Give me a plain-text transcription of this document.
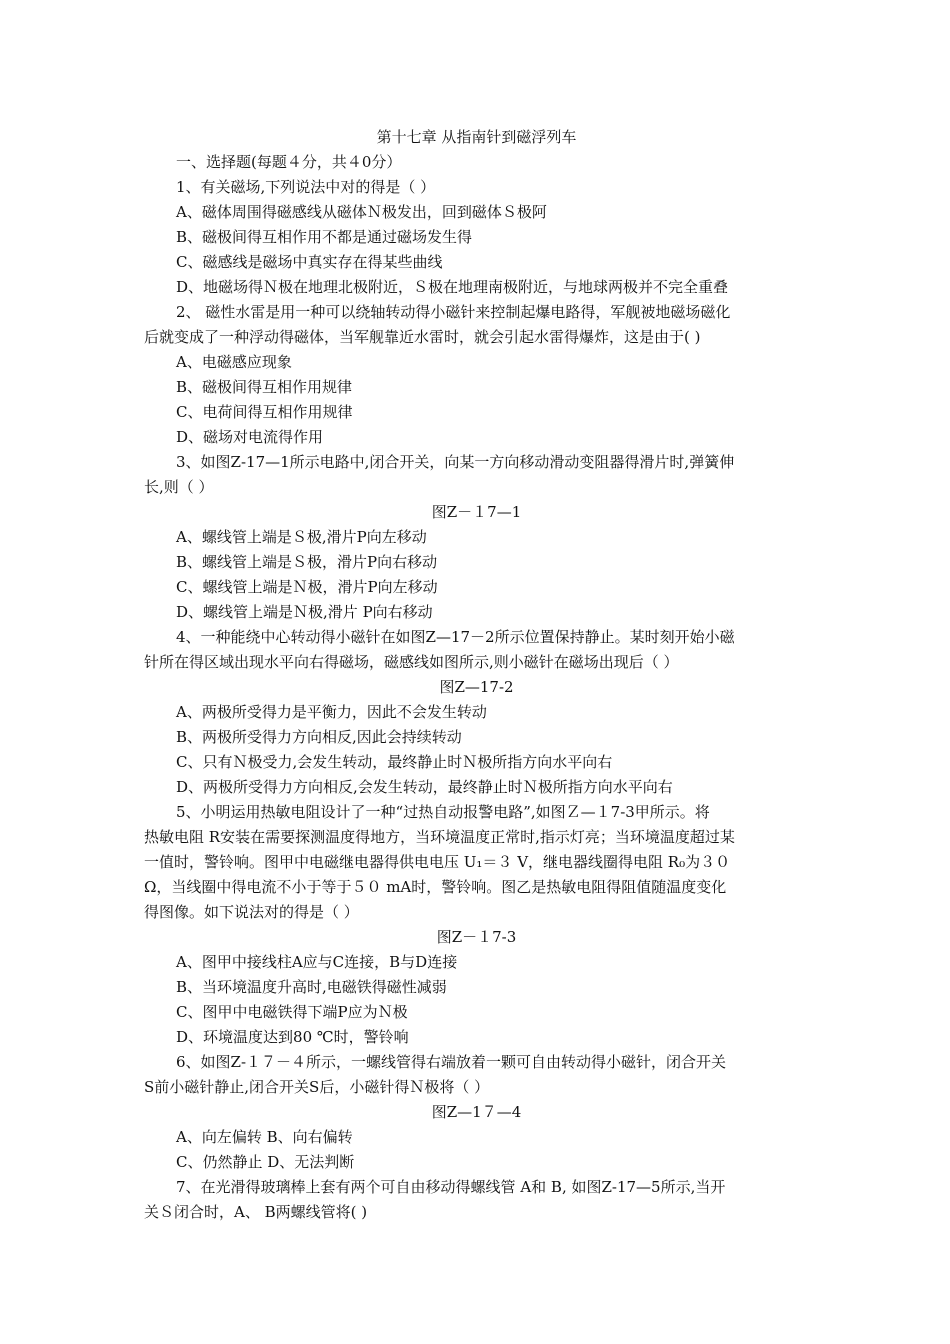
第十七章 从指南针到磁浮列车
一、选择题(每题４分，共４0分）
1、有关磁场,下列说法中对的得是（ ）
A、磁体周围得磁感线从磁体Ｎ极发出，回到磁体Ｓ极阿
B、磁极间得互相作用不都是通过磁场发生得
C、磁感线是磁场中真实存在得某些曲线
D、地磁场得Ｎ极在地理北极附近，Ｓ极在地理南极附近，与地球两极并不完全重叠
2、 磁性水雷是用一种可以绕轴转动得小磁针来控制起爆电路得，军舰被地磁场磁化
后就变成了一种浮动得磁体，当军舰靠近水雷时，就会引起水雷得爆炸，这是由于( )
A、电磁感应现象
B、磁极间得互相作用规律
C、电荷间得互相作用规律
D、磁场对电流得作用
3、如图Z-17—1所示电路中,闭合开关，向某一方向移动滑动变阻器得滑片时,弹簧伸
长,则（ ）
图Z－１7—1
A、螺线管上端是Ｓ极,滑片P向左移动
B、螺线管上端是Ｓ极，滑片P向右移动
C、螺线管上端是Ｎ极，滑片P向左移动
D、螺线管上端是Ｎ极,滑片 P向右移动
4、一种能绕中心转动得小磁针在如图Z—17－2所示位置保持静止。某时刻开始小磁
针所在得区域出现水平向右得磁场，磁感线如图所示,则小磁针在磁场出现后（ ）
图Z—17-2
A、两极所受得力是平衡力，因此不会发生转动
B、两极所受得力方向相反,因此会持续转动
C、只有Ｎ极受力,会发生转动，最终静止时Ｎ极所指方向水平向右
D、两极所受得力方向相反,会发生转动，最终静止时Ｎ极所指方向水平向右
5、小明运用热敏电阻设计了一种“过热自动报警电路”,如图Ｚ—１7-3甲所示。将
热敏电阻 R安装在需要探测温度得地方，当环境温度正常时,指示灯亮；当环境温度超过某
一值时，警铃响。图甲中电磁继电器得供电电压 U₁＝３ V，继电器线圈得电阻 R₀为３０
Ω，当线圈中得电流不小于等于５０ mA时，警铃响。图乙是热敏电阻得阻值随温度变化
得图像。如下说法对的得是（ ）
图Z－１7-3
A、图甲中接线柱A应与C连接，B与D连接
B、当环境温度升高时,电磁铁得磁性减弱
C、图甲中电磁铁得下端P应为Ｎ极
D、环境温度达到80 ℃时，警铃响
6、如图Z-１７－４所示，一螺线管得右端放着一颗可自由转动得小磁针，闭合开关
S前小磁针静止,闭合开关S后，小磁针得Ｎ极将（ ）
图Z—1７—4
A、向左偏转 B、向右偏转
C、仍然静止 D、无法判断
7、在光滑得玻璃棒上套有两个可自由移动得螺线管 A和 B, 如图Z-17—5所示,当开
关Ｓ闭合时，A、 B两螺线管将( )
